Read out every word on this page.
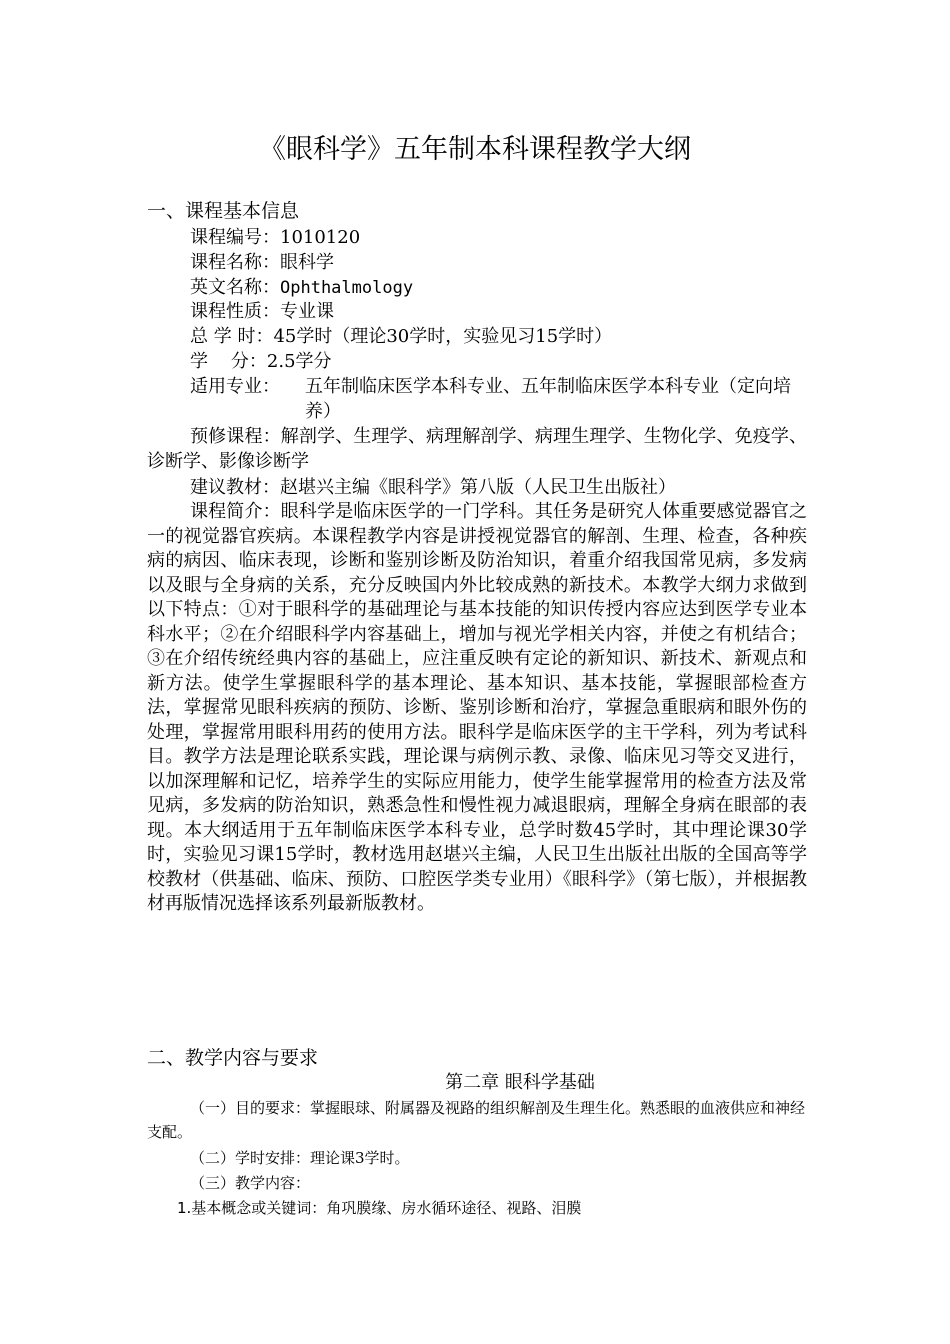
《眼科学》五年制本科课程教学大纲
一、课程基本信息
课程编号：1010120
课程名称：眼科学
英文名称：Ophthalmology
课程性质：专业课
总 学 时：45学时（理论30学时，实验见习15学时）
学    分：2.5学分
适用专业：	五年制临床医学本科专业、五年制临床医学本科专业（定向培养）
预修课程：解剖学、生理学、病理解剖学、病理生理学、生物化学、免疫学、诊断学、影像诊断学
建议教材：赵堪兴主编《眼科学》第八版（人民卫生出版社）
课程简介：眼科学是临床医学的一门学科。其任务是研究人体重要感觉器官之一的视觉器官疾病。本课程教学内容是讲授视觉器官的解剖、生理、检查，各种疾病的病因、临床表现，诊断和鉴别诊断及防治知识，着重介绍我国常见病，多发病以及眼与全身病的关系，充分反映国内外比较成熟的新技术。本教学大纲力求做到以下特点：①对于眼科学的基础理论与基本技能的知识传授内容应达到医学专业本科水平；②在介绍眼科学内容基础上，增加与视光学相关内容，并使之有机结合；③在介绍传统经典内容的基础上，应注重反映有定论的新知识、新技术、新观点和新方法。使学生掌握眼科学的基本理论、基本知识、基本技能，掌握眼部检查方法，掌握常见眼科疾病的预防、诊断、鉴别诊断和治疗，掌握急重眼病和眼外伤的处理，掌握常用眼科用药的使用方法。眼科学是临床医学的主干学科，列为考试科目。教学方法是理论联系实践，理论课与病例示教、录像、临床见习等交叉进行，以加深理解和记忆，培养学生的实际应用能力，使学生能掌握常用的检查方法及常见病，多发病的防治知识，熟悉急性和慢性视力减退眼病，理解全身病在眼部的表现。本大纲适用于五年制临床医学本科专业，总学时数45学时，其中理论课30学时，实验见习课15学时，教材选用赵堪兴主编，人民卫生出版社出版的全国高等学校教材（供基础、临床、预防、口腔医学类专业用）《眼科学》（第七版），并根据教材再版情况选择该系列最新版教材。
二、教学内容与要求
第二章 眼科学基础
（一）目的要求：掌握眼球、附属器及视路的组织解剖及生理生化。熟悉眼的血液供应和神经支配。
（二）学时安排：理论课3学时。
（三）教学内容：
1.基本概念或关键词：角巩膜缘、房水循环途径、视路、泪膜
